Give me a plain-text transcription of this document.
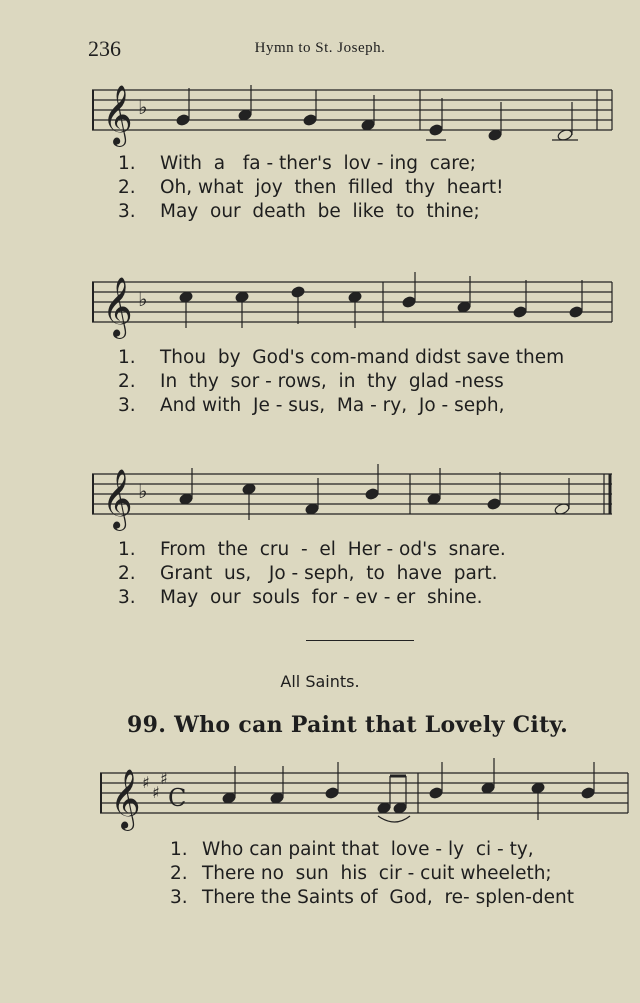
236	Hymn to St. Joseph.
𝄞 ♭
1.	With  a   fa - ther's  lov - ing  care;
2.	Oh, what  joy  then  filled  thy  heart!
3.	May  our  death  be  like  to  thine;
𝄞 ♭
1.	Thou  by  God's com-mand didst save them
2.	In  thy  sor - rows,  in  thy  glad -ness
3.	And with  Je - sus,  Ma - ry,  Jo - seph,
𝄞 ♭
1.	From  the  cru  -  el  Her - od's  snare.
2.	Grant  us,   Jo - seph,  to  have  part.
3.	May  our  souls  for - ev - er  shine.
All Saints.
99. Who can Paint that Lovely City.
𝄞 ♯
♯
♯
C
1. Who can paint that  love - ly  ci - ty,
2. There no  sun  his  cir - cuit wheeleth;
3. There the Saints of  God,  re- splen-dent
